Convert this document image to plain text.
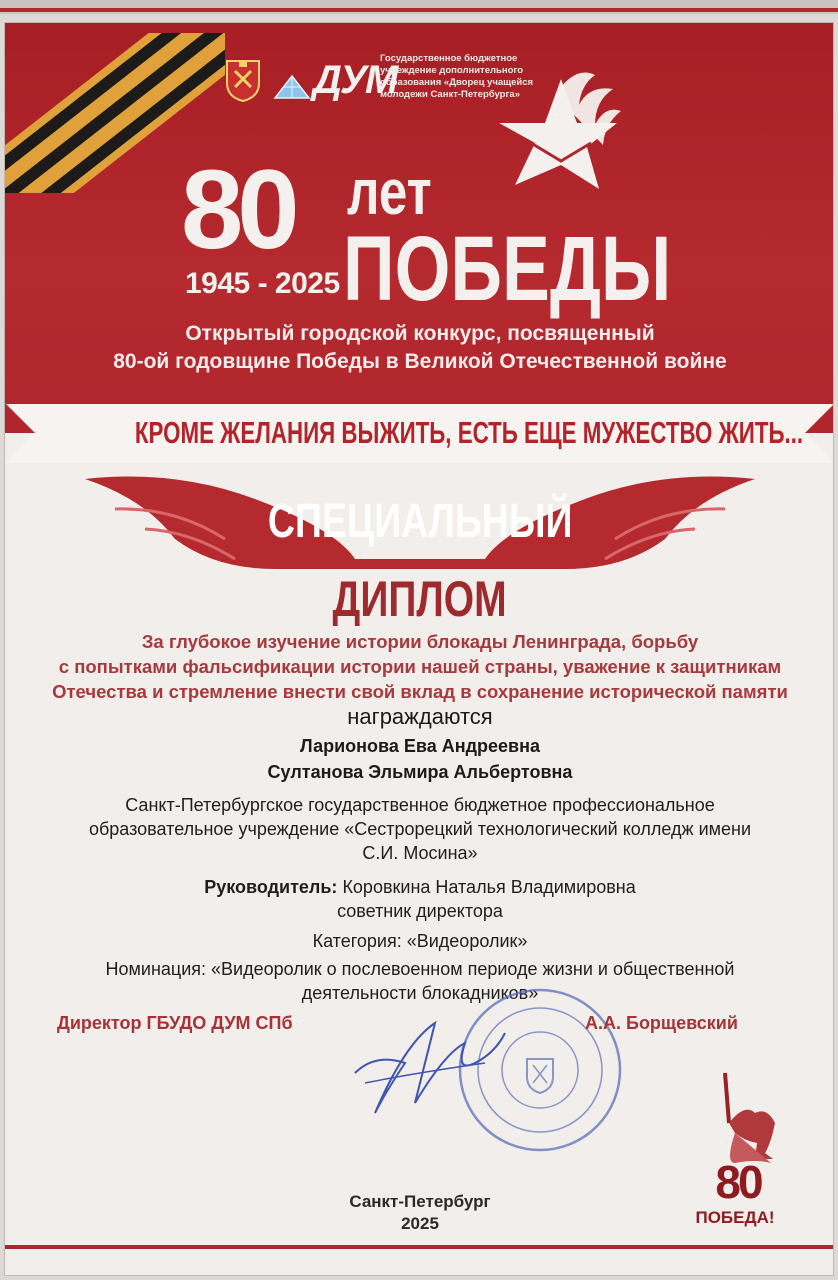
ДУМ
Государственное бюджетное
учреждение дополнительного
образования «Дворец учащейся
молодежи Санкт-Петербурга»
80 лет
ПОБЕДЫ
1945 - 2025
Открытый городской конкурс, посвященный
80-ой годовщине Победы в Великой Отечественной войне
КРОМЕ ЖЕЛАНИЯ ВЫЖИТЬ, ЕСТЬ ЕЩЕ МУЖЕСТВО ЖИТЬ...
СПЕЦИАЛЬНЫЙ
ДИПЛОМ
За глубокое изучение истории блокады Ленинграда, борьбу
с попытками фальсификации истории нашей страны, уважение к защитникам
Отечества и стремление внести свой вклад в сохранение исторической памяти
награждаются
Ларионова Ева Андреевна
Султанова Эльмира Альбертовна
Санкт-Петербургское государственное бюджетное профессиональное
образовательное учреждение «Сестрорецкий технологический колледж имени
С.И. Мосина»
Руководитель: Коровкина Наталья Владимировна
советник директора
Категория: «Видеоролик»
Номинация: «Видеоролик о послевоенном периоде жизни и общественной
деятельности блокадников»
Директор ГБУДО ДУМ СПб	А.А. Борщевский
Санкт-Петербург
2025
80
ПОБЕДА!
